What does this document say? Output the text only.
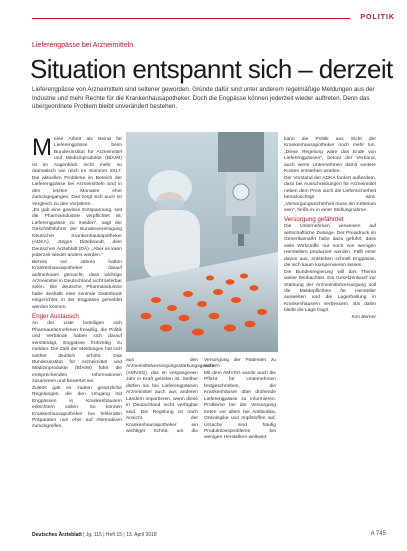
POLITIK
Lieferengpässe bei Arzneimitteln
Situation entspannt sich – derzeit

Lieferengpässe von Arzneimitteln sind seltener geworden. Gründe dafür sind unter anderem regelmäßige Meldungen aus der Industrie und mehr Rechte für die Krankenhausapotheker. Doch die Engpässe können jederzeit wieder auftreten. Denn das übergeordnete Problem bleibt unverändert bestehen.

Meine Arbeit als Beirat für Lieferengpässe beim Bundesinstitut für Arzneimittel und Medizinprodukte (BfArM) ist im Augenblick nicht mehr so dramatisch wie noch im Sommer 2017: Die aktuellen Probleme im Bereich der Lieferengpässe bei Arzneimitteln sind in den letzten Monaten eher zurückgegangen. Das zeigt sich auch im Vergleich zu den Vorjahren.

„Es gab eine gewisse Entspannung, seit die Pharmaindustrie verpflichtet ist, Lieferengpässe zu melden“, sagt der Geschäftsführer der Bundesvereinigung Deutscher Krankenhausapotheker (ADKA), Jürgen Dittebrandt, dem Deutschen Ärzteblatt (DÄ). „Aber es kann jederzeit wieder anders werden.“

Bereits vor Jahren hatten Krankenhausapotheker darauf aufmerksam gemacht, dass wichtige Arzneimittel in Deutschland nicht lieferbar seien. Die deutsche Pharmaindustrie habe deshalb eine zentrale Datenbank eingerichtet, in der Engpässe gemeldet werden können.

Enger Austausch

An der Liste beteiligen sich Pharmaunternehmen freiwillig, die Politik und Verbände haben sich darauf verständigt, Engpässe frühzeitig zu melden. Die Zahl der Meldungen hat sich seither deutlich erhöht. Das Bundesinstitut für Arzneimittel und Medizinprodukte (BfArM) führt die entsprechenden Informationen zusammen und bewertet sie.

Zuletzt gab es zudem gesetzliche Regelungen, die den Umgang mit Engpässen in Krankenhäusern erleichtern sollen. So können Krankenhausapotheker bei fehlenden Präparaten nun eher auf Alternativen zurückgreifen.

Foto: iStockphoto

aus den Arzneimittelversorgungsstärkungsgesetz (AMVSG), das im vergangenen Jahr in Kraft getreten ist. Seither dürfen sie bei Lieferengpässen Arzneimittel auch aus anderen Ländern importieren, wenn diese in Deutschland nicht verfügbar sind. Die Regelung ist nach Ansicht der Krankenhausapotheker ein wichtiger Schritt, um die Versorgung der Patienten zu sichern.

Mit dem AMVSG wurde auch die Pflicht für Unternehmen festgeschrieben, die Krankenhäuser über drohende Lieferengpässe zu informieren. Probleme bei der Versorgung treten vor allem bei Antibiotika, Onkologika und Impfstoffen auf. Ursache sind häufig Produktionsprobleme bei wenigen Herstellern weltweit.

kann die Politik aus Sicht der Krankenhausapotheker noch mehr tun. „Diese Regelung wäre das Ende von Lieferengpässen“, betont der Verband, auch wenn Unternehmen damit weitere Kosten entstehen würden.

Der Vorstand der ADKA fordert außerdem, dass bei Ausschreibungen für Arzneimittel neben dem Preis auch die Liefersicherheit berücksichtigt wird. „Versorgungssicherheit muss ein Kriterium sein“, heißt es in einer Stellungnahme.

Versorgung gefährdet

Die Unternehmen verweisen auf wirtschaftliche Zwänge. Der Preisdruck im Generikamarkt habe dazu geführt, dass viele Wirkstoffe nur noch von wenigen Herstellern produziert werden. Fällt einer davon aus, entstehen schnell Engpässe, die sich kaum kompensieren lassen.

Die Bundesregierung will das Thema weiter beobachten. Ein Gesetzentwurf zur Stärkung der Arzneimittelversorgung soll die Meldepflichten für Hersteller ausweiten und die Lagerhaltung in Krankenhäusern verbessern. Bis dahin bleibt die Lage fragil.

Kim Berner

Deutsches Ärzteblatt | Jg. 115 | Heft 15 | 13. April 2018	A 745
